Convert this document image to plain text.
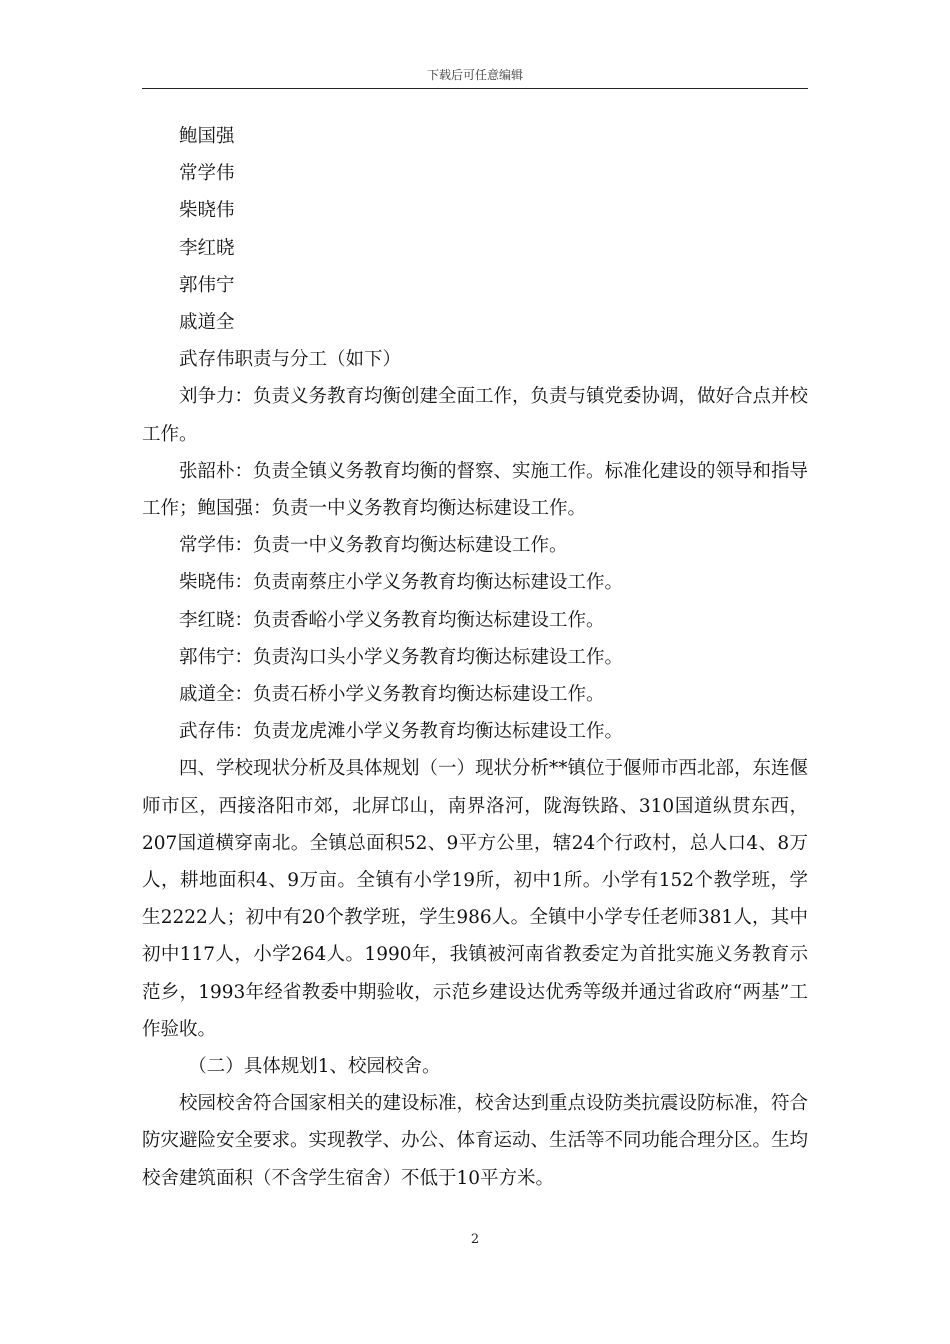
下载后可任意编辑

鲍国强

常学伟

柴晓伟

李红晓

郭伟宁

戚道全

武存伟职责与分工（如下）

刘争力：负责义务教育均衡创建全面工作，负责与镇党委协调，做好合点并校工作。

张韶朴：负责全镇义务教育均衡的督察、实施工作。标准化建设的领导和指导工作；鲍国强：负责一中义务教育均衡达标建设工作。

常学伟：负责一中义务教育均衡达标建设工作。

柴晓伟：负责南蔡庄小学义务教育均衡达标建设工作。

李红晓：负责香峪小学义务教育均衡达标建设工作。

郭伟宁：负责沟口头小学义务教育均衡达标建设工作。

戚道全：负责石桥小学义务教育均衡达标建设工作。

武存伟：负责龙虎滩小学义务教育均衡达标建设工作。

四、学校现状分析及具体规划（一）现状分析**镇位于偃师市西北部，东连偃师市区，西接洛阳市郊，北屏邙山，南界洛河，陇海铁路、310国道纵贯东西，207国道横穿南北。全镇总面积52、9平方公里，辖24个行政村，总人口4、8万人，耕地面积4、9万亩。全镇有小学19所，初中1所。小学有152个教学班，学生2222人；初中有20个教学班，学生986人。全镇中小学专任老师381人，其中初中117人，小学264人。1990年，我镇被河南省教委定为首批实施义务教育示范乡，1993年经省教委中期验收，示范乡建设达优秀等级并通过省政府“两基”工作验收。

（二）具体规划1、校园校舍。

校园校舍符合国家相关的建设标准，校舍达到重点设防类抗震设防标准，符合防灾避险安全要求。实现教学、办公、体育运动、生活等不同功能合理分区。生均校舍建筑面积（不含学生宿舍）不低于10平方米。

2
